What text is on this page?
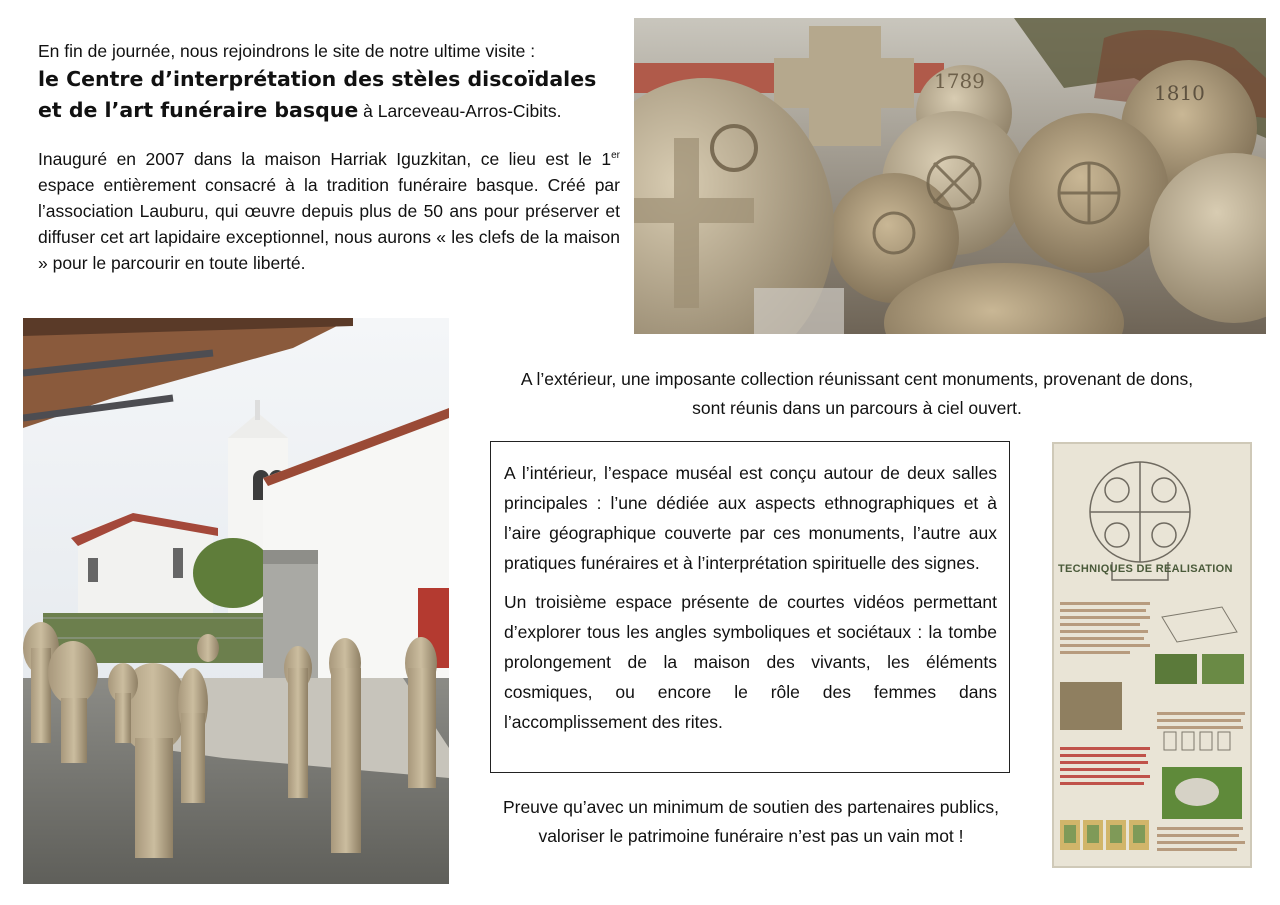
En fin de journée, nous rejoindrons le site de notre ultime visite :

le Centre d’interprétation des stèles discoïdales et de l’art funéraire basque à Larceveau-Arros-Cibits.

Inauguré en 2007 dans la maison Harriak Iguzkitan, ce lieu est le 1er espace entièrement consacré à la tradition funéraire basque. Créé par l’association Lauburu, qui œuvre depuis plus de 50 ans pour préserver et diffuser cet art lapidaire exceptionnel, nous aurons « les clefs de la maison » pour le parcourir en toute liberté.

1789	1810
A l’extérieur, une imposante collection réunissant cent monuments, provenant de dons,
sont réunis dans un parcours à ciel ouvert.

A l’intérieur, l’espace muséal est conçu autour de deux salles principales : l’une dédiée aux aspects ethnographiques et à l’aire géographique couverte par ces monuments, l’autre aux pratiques funéraires et à l’interprétation spirituelle des signes.

Un troisième espace présente de courtes vidéos permettant d’explorer tous les angles symboliques et sociétaux : la tombe prolongement de la maison des vivants, les éléments cosmiques, ou encore le rôle des femmes dans l’accomplissement des rites.

Preuve qu’avec un minimum de soutien des partenaires publics,
valoriser le patrimoine funéraire n’est pas un vain mot !
TECHNIQUES DE REALISATION
